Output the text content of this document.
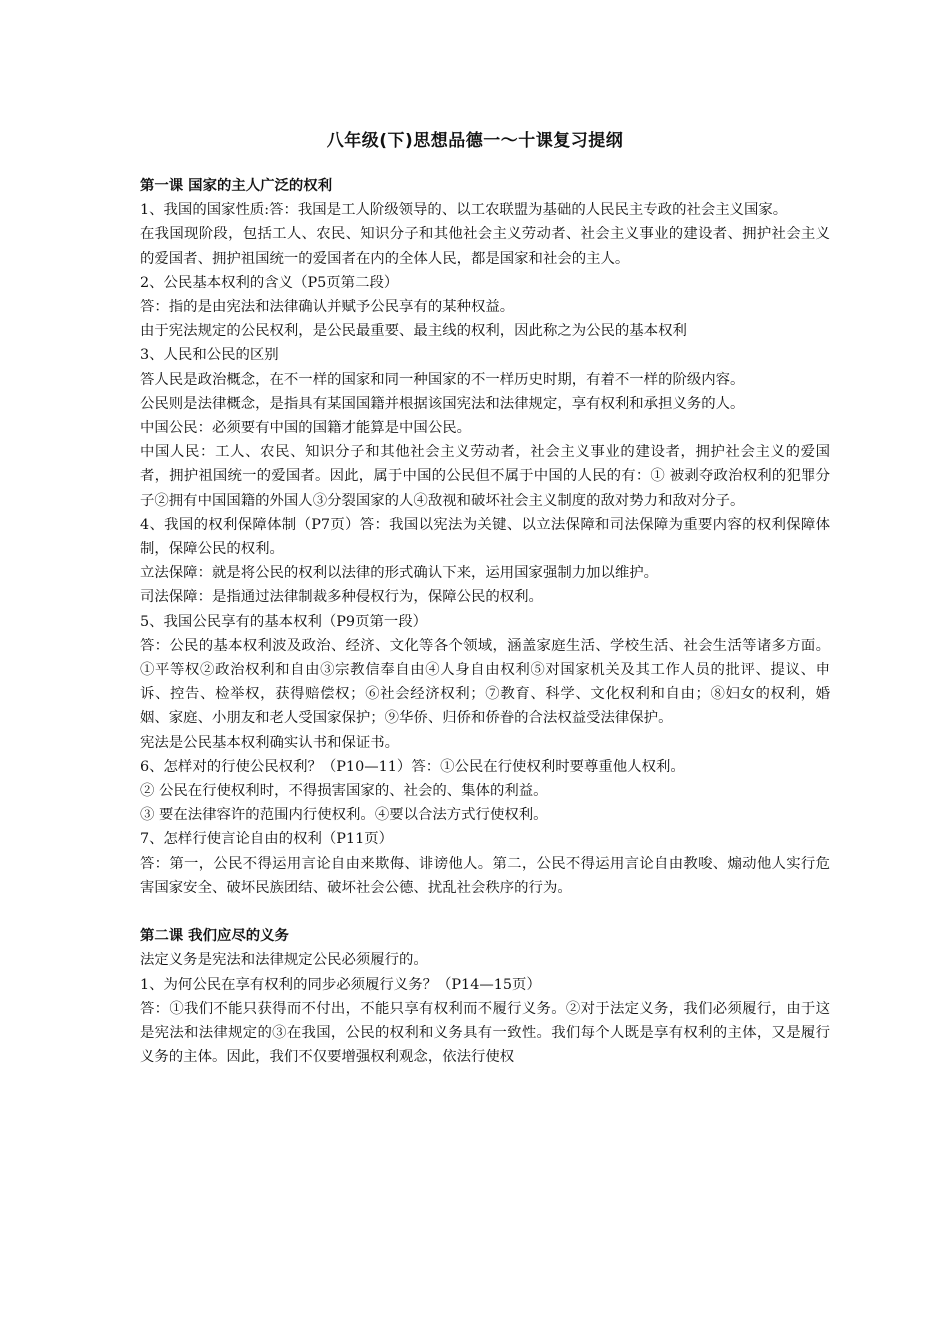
八年级(下)思想品德一～十课复习提纲

第一课 国家的主人广泛的权利

1、我国的国家性质:答：我国是工人阶级领导的、以工农联盟为基础的人民民主专政的社会主义国家。

在我国现阶段，包括工人、农民、知识分子和其他社会主义劳动者、社会主义事业的建设者、拥护社会主义的爱国者、拥护祖国统一的爱国者在内的全体人民，都是国家和社会的主人。

2、公民基本权利的含义（P5页第二段）

答：指的是由宪法和法律确认并赋予公民享有的某种权益。

由于宪法规定的公民权利，是公民最重要、最主线的权利，因此称之为公民的基本权利

3、人民和公民的区别

答人民是政治概念，在不一样的国家和同一种国家的不一样历史时期，有着不一样的阶级内容。

公民则是法律概念，是指具有某国国籍并根据该国宪法和法律规定，享有权利和承担义务的人。

中国公民：必须要有中国的国籍才能算是中国公民。

中国人民：工人、农民、知识分子和其他社会主义劳动者，社会主义事业的建设者，拥护社会主义的爱国者，拥护祖国统一的爱国者。因此，属于中国的公民但不属于中国的人民的有：① 被剥夺政治权利的犯罪分子②拥有中国国籍的外国人③分裂国家的人④敌视和破坏社会主义制度的敌对势力和敌对分子。

4、我国的权利保障体制（P7页）答：我国以宪法为关键、以立法保障和司法保障为重要内容的权利保障体制，保障公民的权利。

立法保障：就是将公民的权利以法律的形式确认下来，运用国家强制力加以维护。

司法保障：是指通过法律制裁多种侵权行为，保障公民的权利。

5、我国公民享有的基本权利（P9页第一段）

答：公民的基本权利波及政治、经济、文化等各个领域，涵盖家庭生活、学校生活、社会生活等诸多方面。①平等权②政治权利和自由③宗教信奉自由④人身自由权利⑤对国家机关及其工作人员的批评、提议、申诉、控告、检举权，获得赔偿权；⑥社会经济权利；⑦教育、科学、文化权利和自由；⑧妇女的权利，婚姻、家庭、小朋友和老人受国家保护；⑨华侨、归侨和侨眷的合法权益受法律保护。

宪法是公民基本权利确实认书和保证书。

6、怎样对的行使公民权利？（P10—11）答：①公民在行使权利时要尊重他人权利。

② 公民在行使权利时，不得损害国家的、社会的、集体的利益。

③ 要在法律容许的范围内行使权利。④要以合法方式行使权利。

7、怎样行使言论自由的权利（P11页）

答：第一，公民不得运用言论自由来欺侮、诽谤他人。第二，公民不得运用言论自由教唆、煽动他人实行危害国家安全、破坏民族团结、破坏社会公德、扰乱社会秩序的行为。

第二课 我们应尽的义务

法定义务是宪法和法律规定公民必须履行的。

1、为何公民在享有权利的同步必须履行义务？（P14—15页）

答：①我们不能只获得而不付出，不能只享有权利而不履行义务。②对于法定义务，我们必须履行，由于这是宪法和法律规定的③在我国，公民的权利和义务具有一致性。我们每个人既是享有权利的主体，又是履行义务的主体。因此，我们不仅要增强权利观念，依法行使权
